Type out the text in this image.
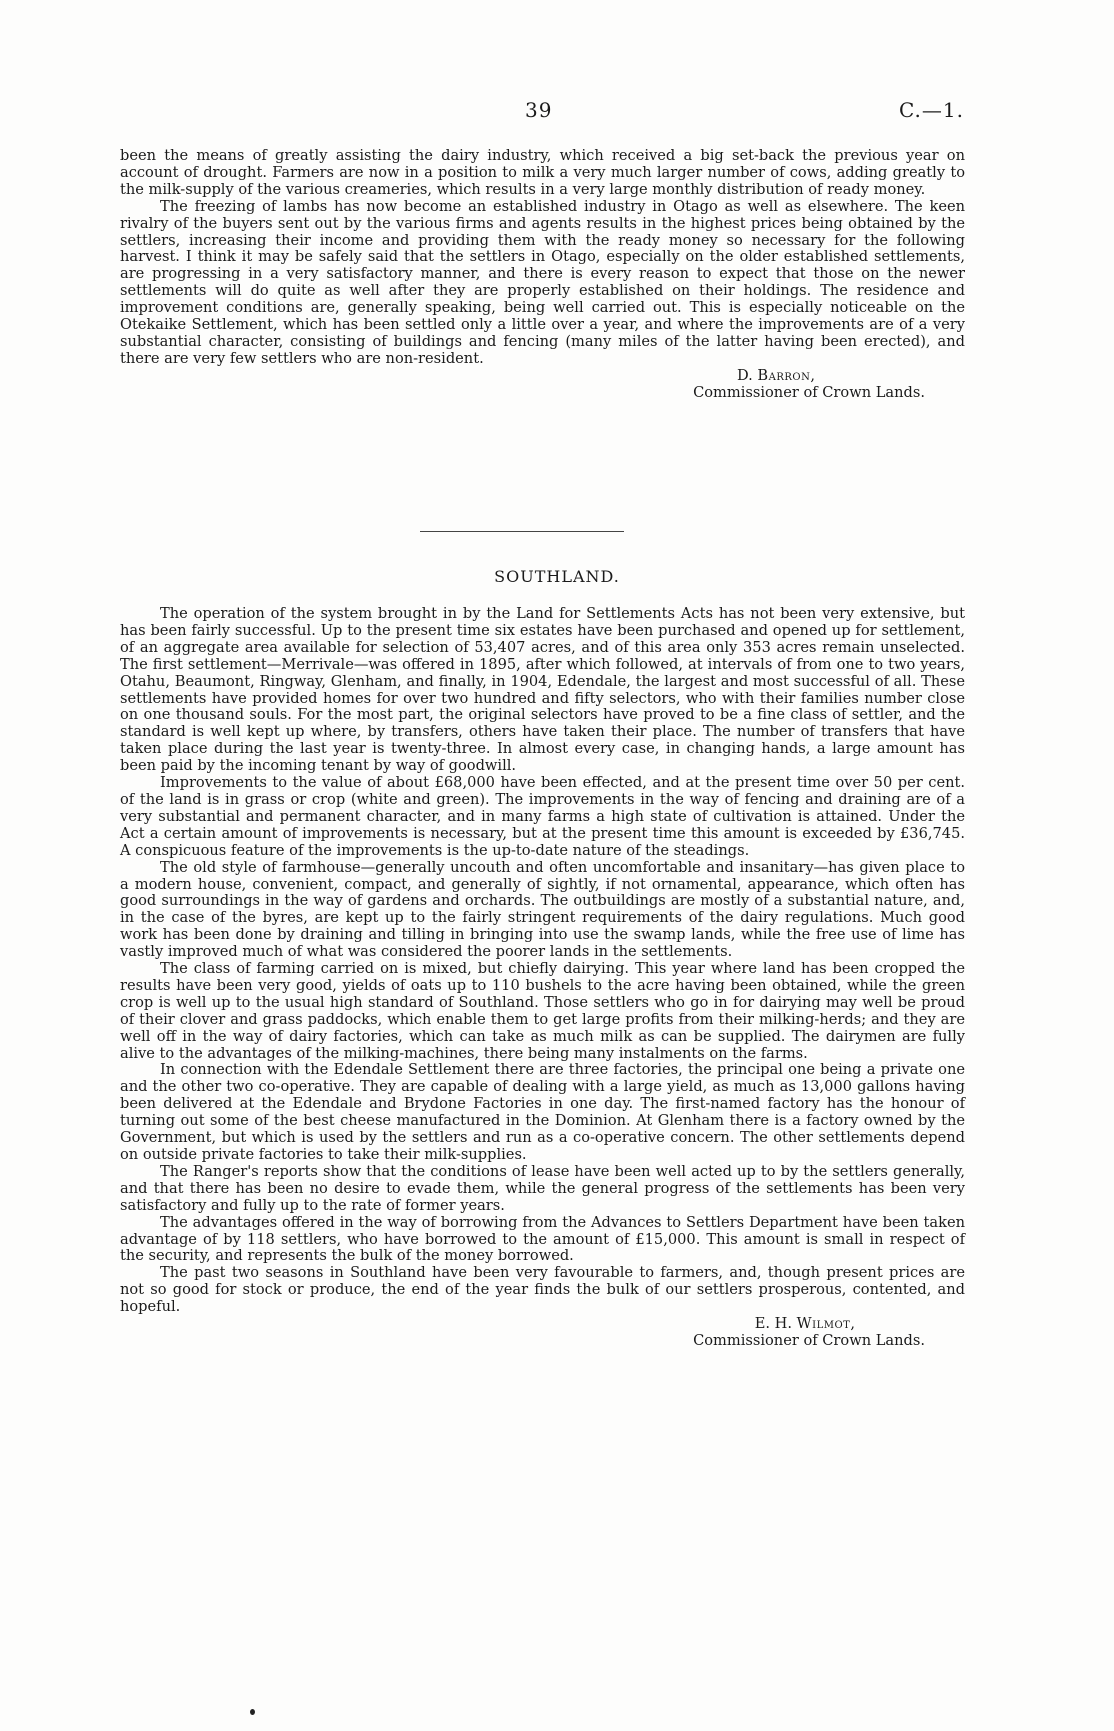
39	C.—1.

been the means of greatly assisting the dairy industry, which received a big set-back the previous year on account of drought. Farmers are now in a position to milk a very much larger number of cows, adding greatly to the milk-supply of the various creameries, which results in a very large monthly distribution of ready money.

The freezing of lambs has now become an established industry in Otago as well as elsewhere. The keen rivalry of the buyers sent out by the various firms and agents results in the highest prices being obtained by the settlers, increasing their income and providing them with the ready money so necessary for the following harvest. I think it may be safely said that the settlers in Otago, especially on the older established settlements, are progressing in a very satisfactory manner, and there is every reason to expect that those on the newer settlements will do quite as well after they are properly established on their holdings. The residence and improvement conditions are, generally speaking, being well carried out. This is especially noticeable on the Otekaike Settlement, which has been settled only a little over a year, and where the improvements are of a very substantial character, consisting of buildings and fencing (many miles of the latter having been erected), and there are very few settlers who are non-resident.

D. Barron,

Commissioner of Crown Lands.

SOUTHLAND.

The operation of the system brought in by the Land for Settlements Acts has not been very extensive, but has been fairly successful. Up to the present time six estates have been purchased and opened up for settlement, of an aggregate area available for selection of 53,407 acres, and of this area only 353 acres remain unselected. The first settlement—Merrivale—was offered in 1895, after which followed, at intervals of from one to two years, Otahu, Beaumont, Ringway, Glenham, and finally, in 1904, Edendale, the largest and most successful of all. These settlements have provided homes for over two hundred and fifty selectors, who with their families number close on one thousand souls. For the most part, the original selectors have proved to be a fine class of settler, and the standard is well kept up where, by transfers, others have taken their place. The number of transfers that have taken place during the last year is twenty-three. In almost every case, in changing hands, a large amount has been paid by the incoming tenant by way of goodwill.

Improvements to the value of about £68,000 have been effected, and at the present time over 50 per cent. of the land is in grass or crop (white and green). The improvements in the way of fencing and draining are of a very substantial and permanent character, and in many farms a high state of cultivation is attained. Under the Act a certain amount of improvements is necessary, but at the present time this amount is exceeded by £36,745. A conspicuous feature of the improvements is the up-to-date nature of the steadings.

The old style of farmhouse—generally uncouth and often uncomfortable and insanitary—has given place to a modern house, convenient, compact, and generally of sightly, if not ornamental, appearance, which often has good surroundings in the way of gardens and orchards. The outbuildings are mostly of a substantial nature, and, in the case of the byres, are kept up to the fairly stringent requirements of the dairy regulations. Much good work has been done by draining and tilling in bringing into use the swamp lands, while the free use of lime has vastly improved much of what was considered the poorer lands in the settlements.

The class of farming carried on is mixed, but chiefly dairying. This year where land has been cropped the results have been very good, yields of oats up to 110 bushels to the acre having been obtained, while the green crop is well up to the usual high standard of Southland. Those settlers who go in for dairying may well be proud of their clover and grass paddocks, which enable them to get large profits from their milking-herds; and they are well off in the way of dairy factories, which can take as much milk as can be supplied. The dairymen are fully alive to the advantages of the milking-machines, there being many instalments on the farms.

In connection with the Edendale Settlement there are three factories, the principal one being a private one and the other two co-operative. They are capable of dealing with a large yield, as much as 13,000 gallons having been delivered at the Edendale and Brydone Factories in one day. The first-named factory has the honour of turning out some of the best cheese manufactured in the Dominion. At Glenham there is a factory owned by the Government, but which is used by the settlers and run as a co-operative concern. The other settlements depend on outside private factories to take their milk-supplies.

The Ranger's reports show that the conditions of lease have been well acted up to by the settlers generally, and that there has been no desire to evade them, while the general progress of the settlements has been very satisfactory and fully up to the rate of former years.

The advantages offered in the way of borrowing from the Advances to Settlers Department have been taken advantage of by 118 settlers, who have borrowed to the amount of £15,000. This amount is small in respect of the security, and represents the bulk of the money borrowed.

The past two seasons in Southland have been very favourable to farmers, and, though present prices are not so good for stock or produce, the end of the year finds the bulk of our settlers prosperous, contented, and hopeful.

E. H. Wilmot,

Commissioner of Crown Lands.
